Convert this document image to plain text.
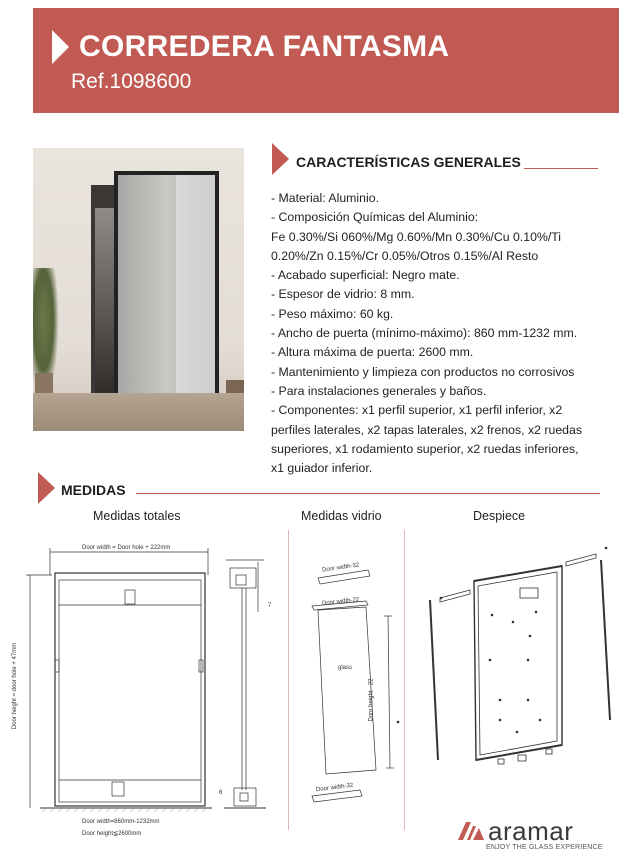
CORREDERA FANTASMA
Ref.1098600
CARACTERÍSTICAS GENERALES
- Material: Aluminio.
- Composición Químicas del Aluminio:
Fe 0.30%/Si 060%/Mg 0.60%/Mn 0.30%/Cu 0.10%/Ti
0.20%/Zn 0.15%/Cr 0.05%/Otros 0.15%/Al Resto
- Acabado superficial: Negro mate.
- Espesor de vidrio: 8 mm.
- Peso máximo: 60 kg.
- Ancho de puerta (mínimo-máximo): 860 mm-1232 mm.
- Altura máxima de puerta: 2600 mm.
- Mantenimiento y limpieza con productos no corrosivos
- Para instalaciones generales y baños.
- Componentes: x1 perfil superior, x1 perfil inferior, x2
perfiles laterales, x2 tapas laterales, x2 frenos, x2 ruedas
superiores, x1 rodamiento superior, x2 ruedas inferiores,
x1 guiador inferior.
MEDIDAS
Medidas totales	Medidas vidrio	Despiece
Door width = Door hole + 222mm
Door height = door hole + 47mm
Door width=860mm-1232mm
Door height≦2600mm
7
6
Door width-32
Door width-22
glass
Door height - 22
Door width-32
aramar
ENJOY THE GLASS EXPERIENCE
